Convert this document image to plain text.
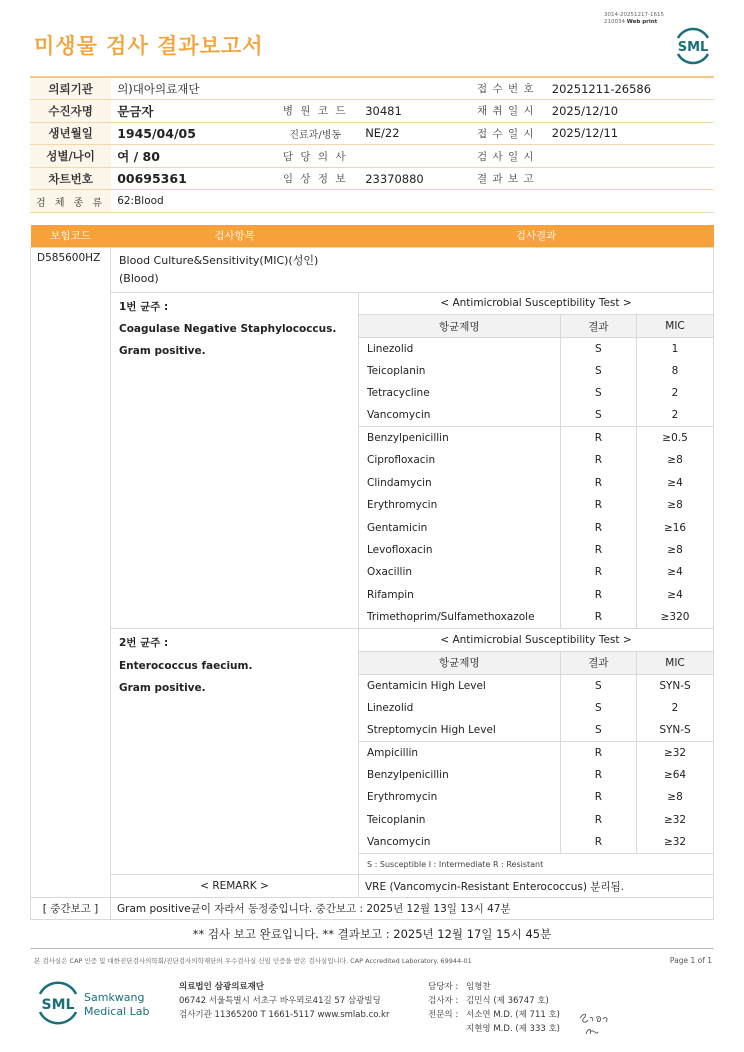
3014-20251217-1615
210034 Web print
미생물 검사 결과보고서	SML
의뢰기관	의)대아의료재단			접 수 번 호	20251211-26586
수진자명	문금자	병 원 코 드	30481	채 취 일 시	2025/12/10
생년월일	1945/04/05	진료과/병동	NE/22	접 수 일 시	2025/12/11
성별/나이	여 / 80	담 당 의 사		검 사 일 시	
차트번호	00695361	임 상 정 보	23370880	결 과 보 고	
검 체 종 류	62:Blood				
보험코드	검사항목	검사결과
D585600HZ	Blood Culture&Sensitivity(MIC)(성인)
(Blood)

1번 균주 :
Coagulase Negative Staphylococcus.
Gram positive.

< Antimicrobial Susceptibility Test >
항균제명	결과	MIC
Linezolid	S	1
Teicoplanin	S	8
Tetracycline	S	2
Vancomycin	S	2
Benzylpenicillin	R	≥0.5
Ciprofloxacin	R	≥8
Clindamycin	R	≥4
Erythromycin	R	≥8
Gentamicin	R	≥16
Levofloxacin	R	≥8
Oxacillin	R	≥4
Rifampin	R	≥4
Trimethoprim/Sulfamethoxazole	R	≥320

2번 균주 :
Enterococcus faecium.
Gram positive.

< Antimicrobial Susceptibility Test >
항균제명	결과	MIC
Gentamicin High Level	S	SYN-S
Linezolid	S	2
Streptomycin High Level	S	SYN-S
Ampicillin	R	≥32
Benzylpenicillin	R	≥64
Erythromycin	R	≥8
Teicoplanin	R	≥32
Vancomycin	R	≥32
S : Susceptible I : Intermediate R : Resistant

< REMARK >	VRE (Vancomycin-Resistant Enterococcus) 분리됨.
[ 중간보고 ]	Gram positive균이 자라서 동정중입니다. 중간보고 : 2025년 12월 13일 13시 47분
** 검사 보고 완료입니다. ** 결과보고 : 2025년 12월 17일 15시 45분
본 검사실은 CAP 인증 및 대한진단검사의학회/진단검사의학재단의 우수검사실 신임 인증을 받은 검사실입니다. CAP Accredited Laboratory. 69944-01	Page 1 of 1
SML Samkwang
Medical Lab
의료법인 삼광의료재단
06742 서울특별시 서초구 바우뫼로41길 57 삼광빌딩
검사기관 11365200 T 1661-5117 www.smlab.co.kr
담당자 : 임형찬
검사자 : 김민식 (제 36747 호)
전문의 : 서소연 M.D. (제 711 호)
지현영 M.D. (제 333 호)
